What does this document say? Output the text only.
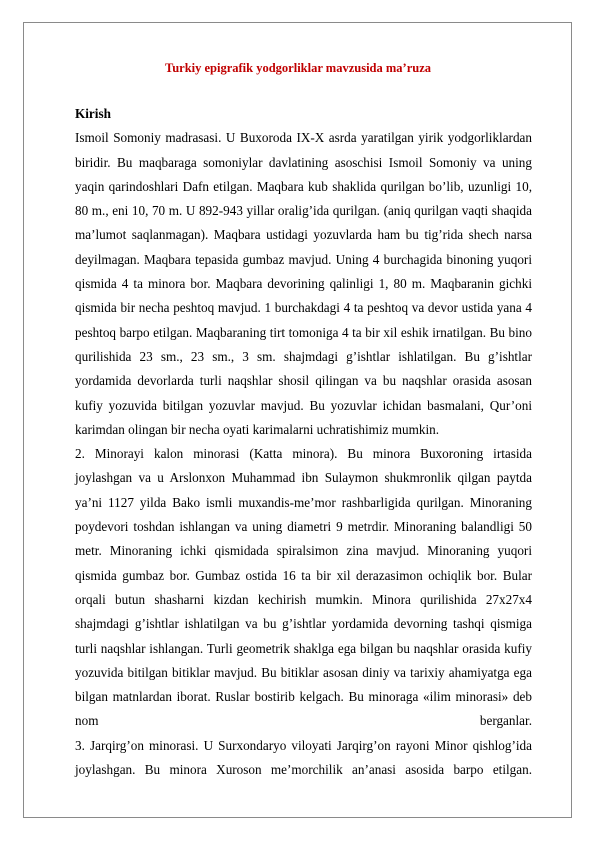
Turkiy epigrafik yodgorliklar mavzusida ma’ruza

Kirish

Ismoil Somoniy madrasasi. U Buxoroda IX-X asrda yaratilgan yirik yodgorliklardan biridir. Bu maqbaraga somoniylar davlatining asoschisi Ismoil Somoniy va uning yaqin qarindoshlari Dafn etilgan. Maqbara kub shaklida qurilgan bo’lib, uzunligi 10, 80 m., eni 10, 70 m. U 892-943 yillar oralig’ida qurilgan. (aniq qurilgan vaqti shaqida ma’lumot saqlanmagan). Maqbara ustidagi yozuvlarda ham bu tig’rida shech narsa deyilmagan. Maqbara tepasida gumbaz mavjud. Uning 4 burchagida binoning yuqori qismida 4 ta minora bor. Maqbara devorining qalinligi 1, 80 m. Maqbaranin gichki qismida bir necha peshtoq mavjud. 1 burchakdagi 4 ta peshtoq va devor ustida yana 4 peshtoq barpo etilgan. Maqbaraning tirt tomoniga 4 ta bir xil eshik irnatilgan. Bu bino qurilishida 23 sm., 23 sm., 3 sm. shajmdagi g’ishtlar ishlatilgan. Bu g’ishtlar yordamida devorlarda turli naqshlar shosil qilingan va bu naqshlar orasida asosan kufiy yozuvida bitilgan yozuvlar mavjud. Bu yozuvlar ichidan basmalani, Qur’oni karimdan olingan bir necha oyati karimalarni uchratishimiz mumkin.

2. Minorayi kalon minorasi (Katta minora). Bu minora Buxoroning irtasida joylashgan va u Arslonxon Muhammad ibn Sulaymon shukmronlik qilgan paytda ya’ni 1127 yilda Bako ismli muxandis-me’mor rashbarligida qurilgan. Minoraning poydevori toshdan ishlangan va uning diametri 9 metrdir. Minoraning balandligi 50 metr. Minoraning ichki qismidada spiralsimon zina mavjud. Minoraning yuqori qismida gumbaz bor. Gumbaz ostida 16 ta bir xil derazasimon ochiqlik bor. Bular orqali butun shasharni kizdan kechirish mumkin. Minora qurilishida 27x27x4 shajmdagi g’ishtlar ishlatilgan va bu g’ishtlar yordamida devorning tashqi qismiga turli naqshlar ishlangan. Turli geometrik shaklga ega bilgan bu naqshlar orasida kufiy yozuvida bitilgan bitiklar mavjud. Bu bitiklar asosan diniy va tarixiy ahamiyatga ega bilgan matnlardan iborat. Ruslar bostirib kelgach. Bu minoraga «ilim minorasi» deb nom berganlar.

3. Jarqirg’on minorasi. U Surxondaryo viloyati Jarqirg’on rayoni Minor qishlog’ida joylashgan. Bu minora Xuroson me’morchilik an’anasi asosida barpo etilgan.
